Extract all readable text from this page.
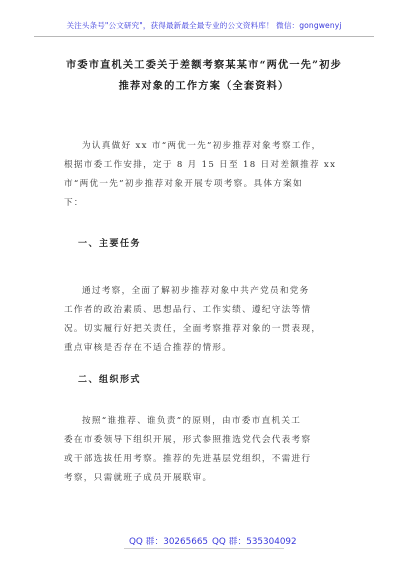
关注头条号"公文研究"，获得最新最全最专业的公文资料库！ 微信：gongwenyj
市委市直机关工委关于差额考察某某市“两优一先”初步
推荐对象的工作方案（全套资料）
为认真做好 xx 市“两优一先”初步推荐对象考察工作，
根据市委工作安排，定于 8 月 15 日至 18 日对差额推荐 xx
市“两优一先”初步推荐对象开展专项考察。具体方案如
下：
一、主要任务
通过考察，全面了解初步推荐对象中共产党员和党务
工作者的政治素质、思想品行、工作实绩、遵纪守法等情
况。切实履行好把关责任，全面考察推荐对象的一贯表现，
重点审核是否存在不适合推荐的情形。
二、组织形式
按照“谁推荐、谁负责”的原则，由市委市直机关工
委在市委领导下组织开展，形式参照推选党代会代表考察
或干部选拔任用考察。推荐的先进基层党组织，不需进行
考察，只需就班子成员开展联审。
QQ 群：30265665 QQ 群：535304092
